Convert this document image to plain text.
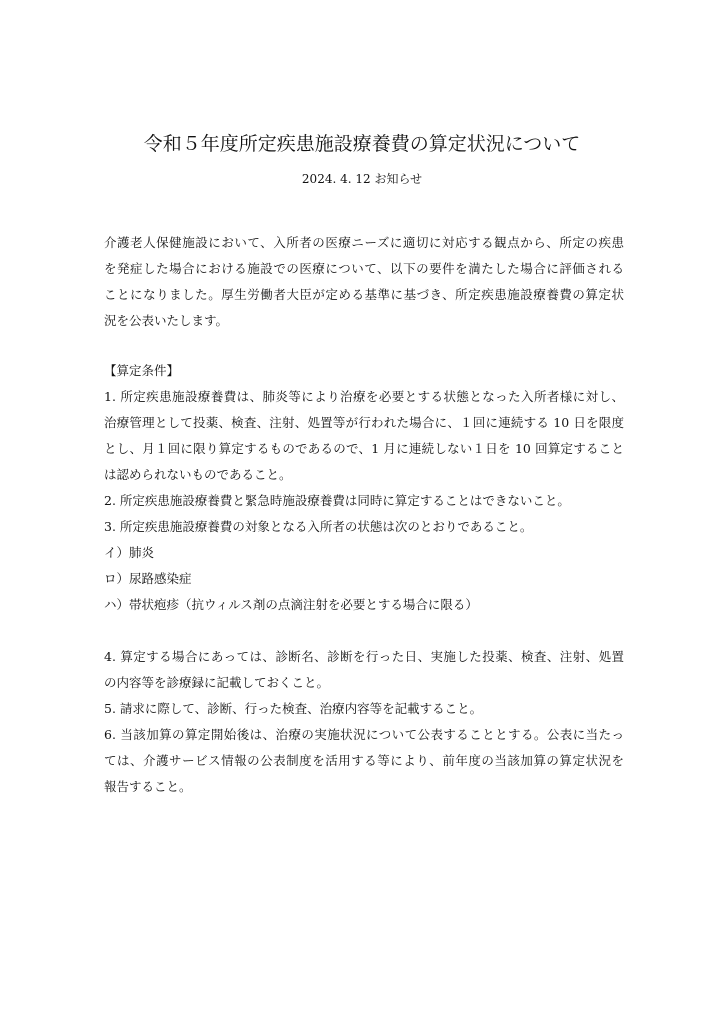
令和５年度所定疾患施設療養費の算定状況について
2024. 4. 12 お知らせ

介護老人保健施設において、入所者の医療ニーズに適切に対応する観点から、所定の疾患

を発症した場合における施設での医療について、以下の要件を満たした場合に評価される

ことになりました。厚生労働者大臣が定める基準に基づき、所定疾患施設療養費の算定状

況を公表いたします。

【算定条件】

1. 所定疾患施設療養費は、肺炎等により治療を必要とする状態となった入所者様に対し、

治療管理として投薬、検査、注射、処置等が行われた場合に、１回に連続する 10 日を限度

とし、月１回に限り算定するものであるので、1 月に連続しない１日を 10 回算定すること

は認められないものであること。

2. 所定疾患施設療養費と緊急時施設療養費は同時に算定することはできないこと。

3. 所定疾患施設療養費の対象となる入所者の状態は次のとおりであること。

イ）肺炎

ロ）尿路感染症

ハ）帯状疱疹（抗ウィルス剤の点滴注射を必要とする場合に限る）

4. 算定する場合にあっては、診断名、診断を行った日、実施した投薬、検査、注射、処置

の内容等を診療録に記載しておくこと。

5. 請求に際して、診断、行った検査、治療内容等を記載すること。

6. 当該加算の算定開始後は、治療の実施状況について公表することとする。公表に当たっ

ては、介護サービス情報の公表制度を活用する等により、前年度の当該加算の算定状況を

報告すること。
